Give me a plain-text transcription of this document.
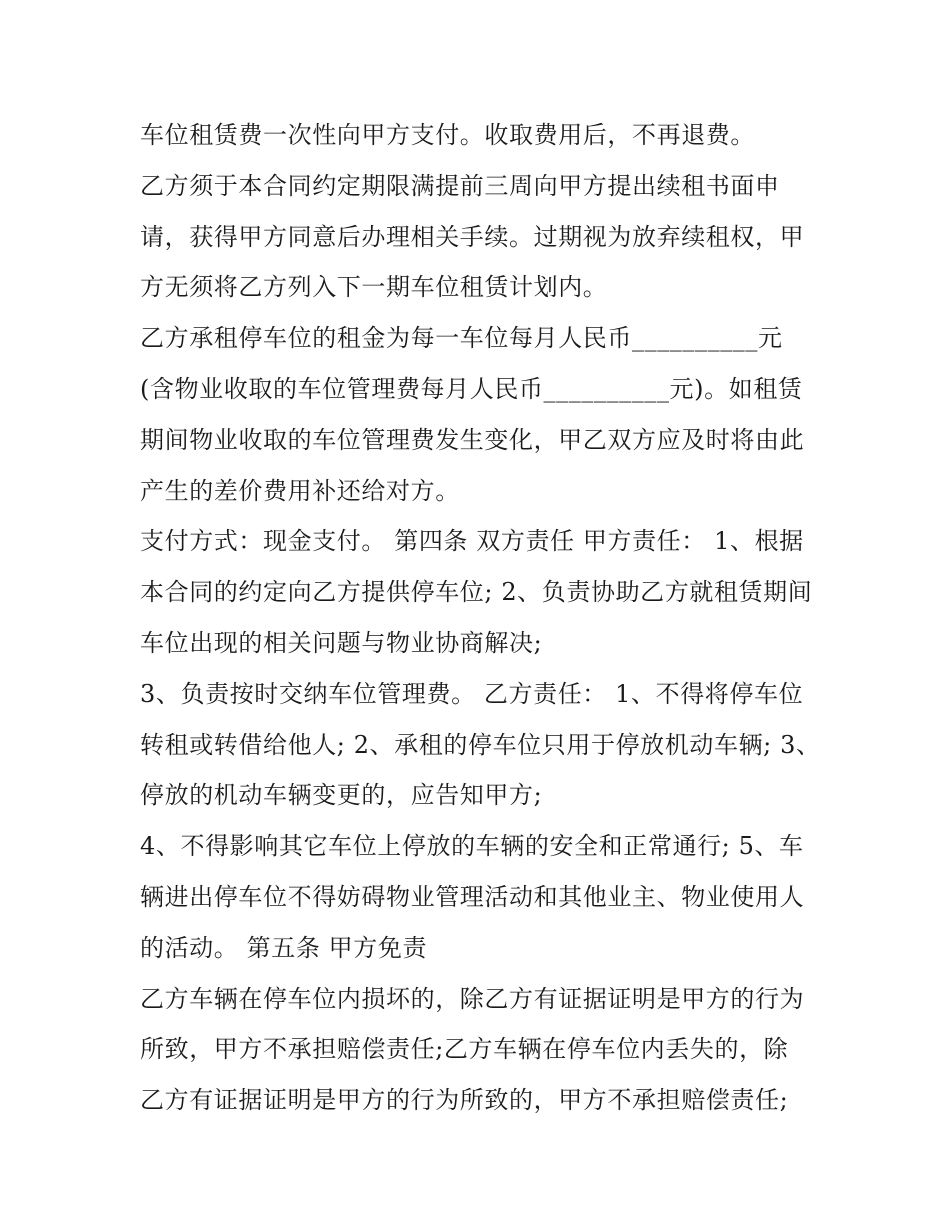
车位租赁费一次性向甲方支付。收取费用后，不再退费。
乙方须于本合同约定期限满提前三周向甲方提出续租书面申
请，获得甲方同意后办理相关手续。过期视为放弃续租权，甲
方无须将乙方列入下一期车位租赁计划内。
乙方承租停车位的租金为每一车位每月人民币__________元
(含物业收取的车位管理费每月人民币__________元)。如租赁
期间物业收取的车位管理费发生变化，甲乙双方应及时将由此
产生的差价费用补还给对方。
支付方式：现金支付。 第四条 双方责任 甲方责任： 1、根据
本合同的约定向乙方提供停车位; 2、负责协助乙方就租赁期间
车位出现的相关问题与物业协商解决;
3、负责按时交纳车位管理费。 乙方责任： 1、不得将停车位
转租或转借给他人; 2、承租的停车位只用于停放机动车辆; 3、
停放的机动车辆变更的，应告知甲方;
4、不得影响其它车位上停放的车辆的安全和正常通行; 5、车
辆进出停车位不得妨碍物业管理活动和其他业主、物业使用人
的活动。 第五条 甲方免责
乙方车辆在停车位内损坏的，除乙方有证据证明是甲方的行为
所致，甲方不承担赔偿责任;乙方车辆在停车位内丢失的，除
乙方有证据证明是甲方的行为所致的，甲方不承担赔偿责任;
